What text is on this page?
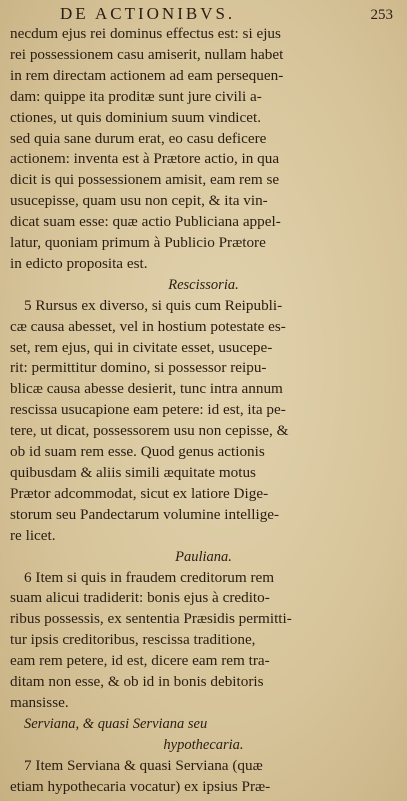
DE ACTIONIBVS.	253
necdum ejus rei dominus effectus est: si ejus
rei possessionem casu amiserit, nullam habet
in rem directam actionem ad eam persequen-
dam: quippe ita proditæ sunt jure civili a-
ctiones, ut quis dominium suum vindicet.
sed quia sane durum erat, eo casu deficere
actionem: inventa est à Prætore actio, in qua
dicit is qui possessionem amisit, eam rem se
usucepisse, quam usu non cepit, & ita vin-
dicat suam esse: quæ actio Publiciana appel-
latur, quoniam primum à Publicio Prætore
in edicto proposita est.
Rescissoria.
5 Rursus ex diverso, si quis cum Reipubli-
cæ causa abesset, vel in hostium potestate es-
set, rem ejus, qui in civitate esset, usucepe-
rit: permittitur domino, si possessor reipu-
blicæ causa abesse desierit, tunc intra annum
rescissa usucapione eam petere: id est, ita pe-
tere, ut dicat, possessorem usu non cepisse, &
ob id suam rem esse. Quod genus actionis
quibusdam & aliis simili æquitate motus
Prætor adcommodat, sicut ex latiore Dige-
storum seu Pandectarum volumine intellige-
re licet.
Pauliana.
6 Item si quis in fraudem creditorum rem
suam alicui tradiderit: bonis ejus à credito-
ribus possessis, ex sententia Præsidis permitti-
tur ipsis creditoribus, rescissa traditione,
eam rem petere, id est, dicere eam rem tra-
ditam non esse, & ob id in bonis debitoris
mansisse.
Serviana, & quasi Serviana seu
hypothecaria.
7 Item Serviana & quasi Serviana (quæ
etiam hypothecaria vocatur) ex ipsius Præ-
